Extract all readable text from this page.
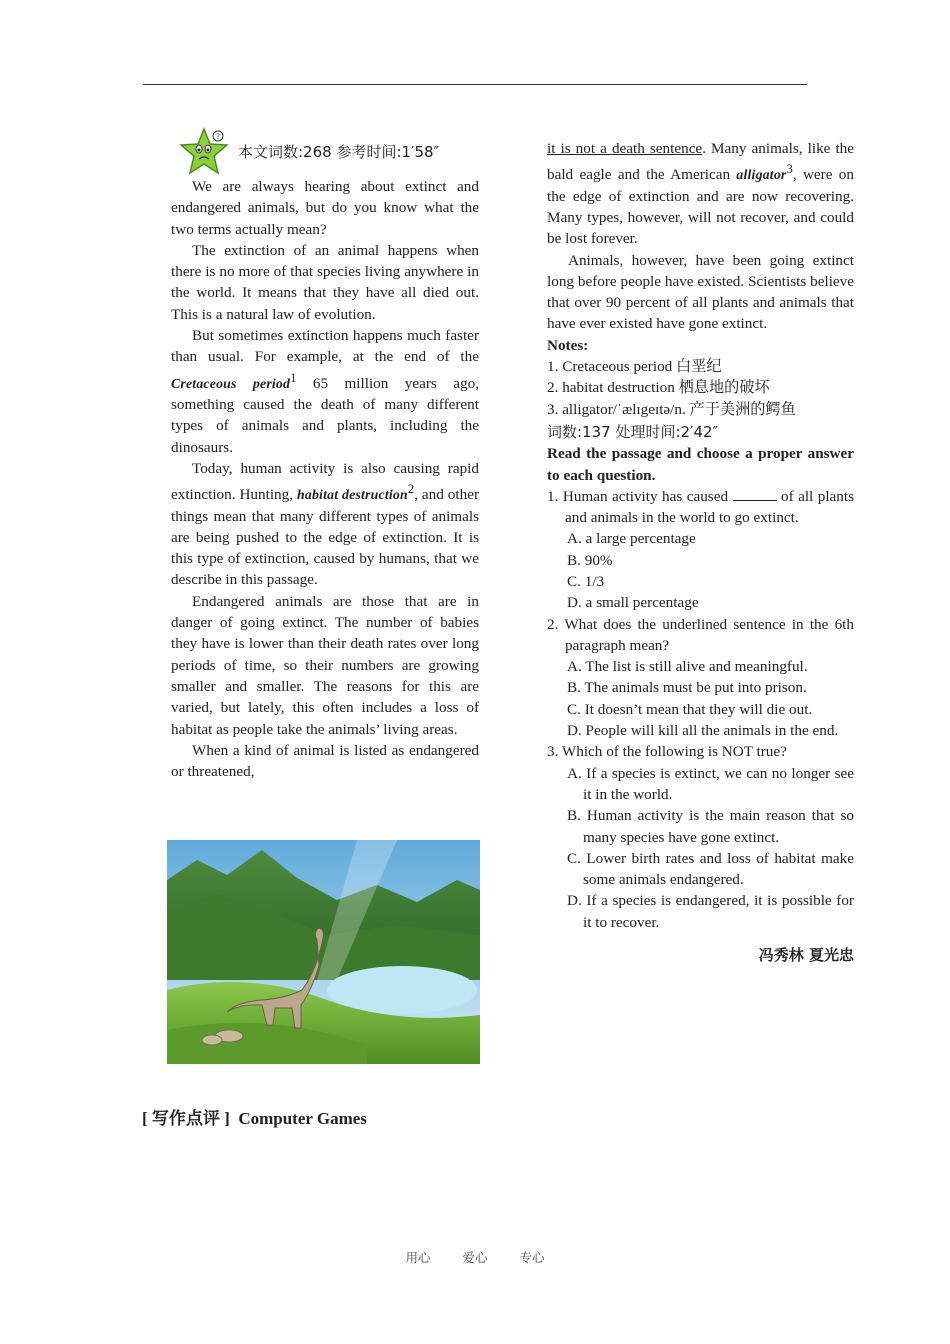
?
本文词数:268 参考时间:1′58″

We are always hearing about extinct and endangered animals, but do you know what the two terms actually mean?

The extinction of an animal happens when there is no more of that species living anywhere in the world. It means that they have all died out. This is a natural law of evolution.

But sometimes extinction happens much faster than usual. For example, at the end of the Cretaceous period$^1$ 65 million years ago, something caused the death of many different types of animals and plants, including the dinosaurs.

Today, human activity is also causing rapid extinction. Hunting, habitat destruction$^2$, and other things mean that many different types of animals are being pushed to the edge of extinction. It is this type of extinction, caused by humans, that we describe in this passage.

Endangered animals are those that are in danger of going extinct. The number of babies they have is lower than their death rates over long periods of time, so their numbers are growing smaller and smaller. The reasons for this are varied, but lately, this often includes a loss of habitat as people take the animals’ living areas.

When a kind of animal is listed as endangered or threatened,

it is not a death sentence. Many animals, like the bald eagle and the American alligator$^3$, were on the edge of extinction and are now recovering. Many types, however, will not recover, and could be lost forever.

Animals, however, have been going extinct long before people have existed. Scientists believe that over 90 percent of all plants and animals that have ever existed have gone extinct.

Notes:

1. Cretaceous period 白垩纪

2. habitat destruction 栖息地的破坏

3. alligator/ˈælɪgeɪtə/n. 产于美洲的鳄鱼

词数:137 处理时间:2′42″

Read the passage and choose a proper answer to each question.

1. Human activity has caused	of all plants and animals in the world to go extinct.

A. a large percentage

B. 90%

C. 1/3

D. a small percentage

2. What does the underlined sentence in the 6th paragraph mean?

A. The list is still alive and meaningful.

B. The animals must be put into prison.

C. It doesn’t mean that they will die out.

D. People will kill all the animals in the end.

3. Which of the following is NOT true?

A. If a species is extinct, we can no longer see it in the world.

B. Human activity is the main reason that so many species have gone extinct.

C. Lower birth rates and loss of habitat make some animals endangered.

D. If a species is endangered, it is possible for it to recover.

冯秀林 夏光忠

[ 写作点评 ] Computer Games
用心 爱心 专心
